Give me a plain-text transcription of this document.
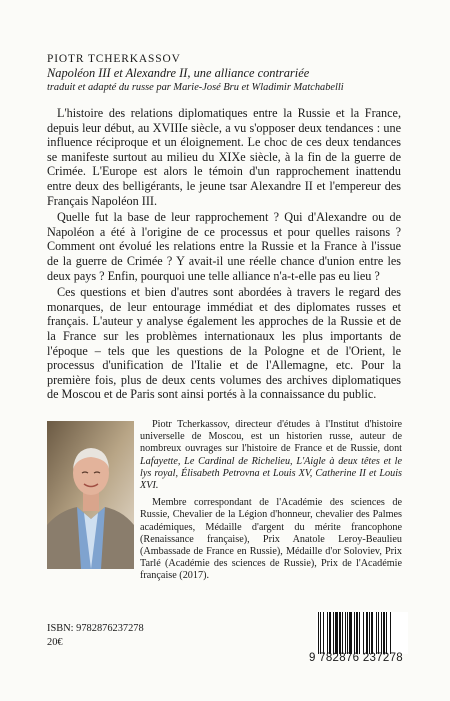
PIOTR TCHERKASSOV
Napoléon III et Alexandre II, une alliance contrariée
traduit et adapté du russe par Marie-José Bru et Wladimir Matchabelli

L'histoire des relations diplomatiques entre la Russie et la France, depuis leur début, au XVIIIe siècle, a vu s'opposer deux tendances : une influence réciproque et un éloignement. Le choc de ces deux tendances se manifeste surtout au milieu du XIXe siècle, à la fin de la guerre de Crimée. L'Europe est alors le témoin d'un rapprochement inattendu entre deux des belligérants, le jeune tsar Alexandre II et l'empereur des Français Napoléon III.

Quelle fut la base de leur rapprochement ? Qui d'Alexandre ou de Napoléon a été à l'origine de ce processus et pour quelles raisons ? Comment ont évolué les relations entre la Russie et la France à l'issue de la guerre de Crimée ? Y avait-il une réelle chance d'union entre les deux pays ? Enfin, pourquoi une telle alliance n'a-t-elle pas eu lieu ?

Ces questions et bien d'autres sont abordées à travers le regard des monarques, de leur entourage immédiat et des diplomates russes et français. L'auteur y analyse également les approches de la Russie et de la France sur les problèmes internationaux les plus importants de l'époque – tels que les questions de la Pologne et de l'Orient, le processus d'unification de l'Italie et de l'Allemagne, etc. Pour la première fois, plus de deux cents volumes des archives diplomatiques de Moscou et de Paris sont ainsi portés à la connaissance du public.

Piotr Tcherkassov, directeur d'études à l'Institut d'histoire universelle de Moscou, est un historien russe, auteur de nombreux ouvrages sur l'histoire de France et de Russie, dont Lafayette, Le Cardinal de Richelieu, L'Aigle à deux têtes et le lys royal, Élisabeth Petrovna et Louis XV, Catherine II et Louis XVI.

Membre correspondant de l'Académie des sciences de Russie, Chevalier de la Légion d'honneur, chevalier des Palmes académiques, Médaille d'argent du mérite francophone (Renaissance française), Prix Anatole Leroy-Beaulieu (Ambassade de France en Russie), Médaille d'or Soloviev, Prix Tarlé (Académie des sciences de Russie), Prix de l'Académie française (2017).

ISBN: 9782876237278
20€
9 782876 237278
